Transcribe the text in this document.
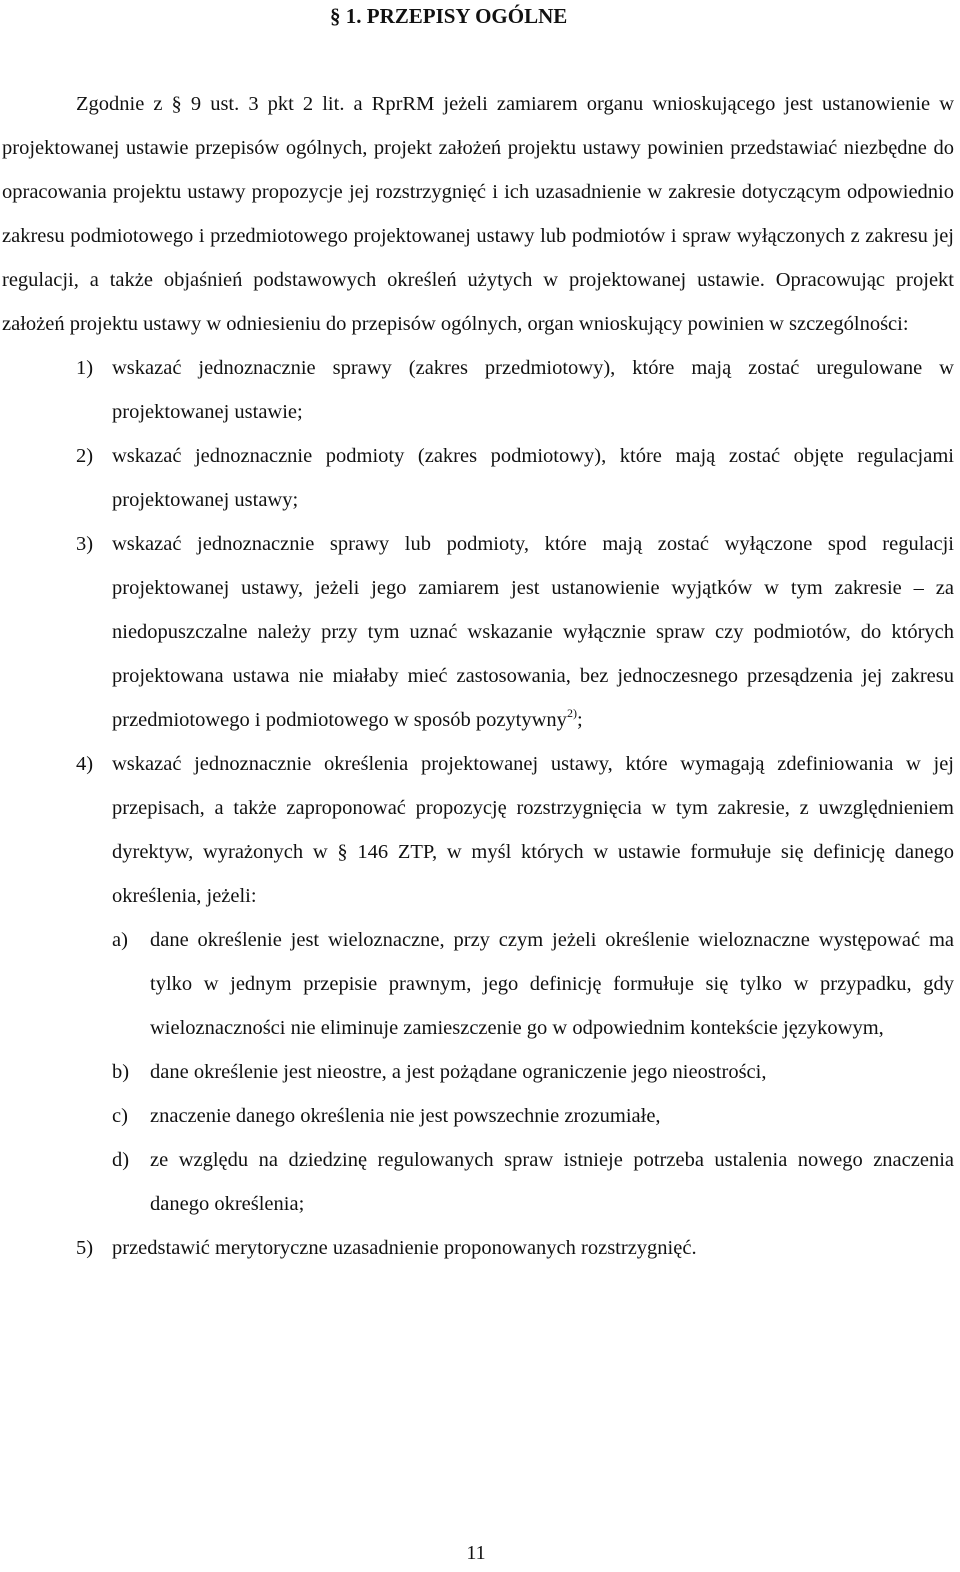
§ 1. PRZEPISY OGÓLNE

Zgodnie z § 9 ust. 3 pkt 2 lit. a RprRM jeżeli zamiarem organu wnioskującego jest ustanowienie w projektowanej ustawie przepisów ogólnych, projekt założeń projektu ustawy powinien przedstawiać niezbędne do opracowania projektu ustawy propozycje jej rozstrzygnięć i ich uzasadnienie w zakresie dotyczącym odpowiednio zakresu podmiotowego i przedmiotowego projektowanej ustawy lub podmiotów i spraw wyłączonych z zakresu jej regulacji, a także objaśnień podstawowych określeń użytych w projektowanej ustawie. Opracowując projekt założeń projektu ustawy w odniesieniu do przepisów ogólnych, organ wnioskujący powinien w szczególności:

1) wskazać jednoznacznie sprawy (zakres przedmiotowy), które mają zostać uregulowane w projektowanej ustawie;
2) wskazać jednoznacznie podmioty (zakres podmiotowy), które mają zostać objęte regulacjami projektowanej ustawy;
3) wskazać jednoznacznie sprawy lub podmioty, które mają zostać wyłączone spod regulacji projektowanej ustawy, jeżeli jego zamiarem jest ustanowienie wyjątków w tym zakresie – za niedopuszczalne należy przy tym uznać wskazanie wyłącznie spraw czy podmiotów, do których projektowana ustawa nie miałaby mieć zastosowania, bez jednoczesnego przesądzenia jej zakresu przedmiotowego i podmiotowego w sposób pozytywny$^{2)}$;
4) wskazać jednoznacznie określenia projektowanej ustawy, które wymagają zdefiniowania w jej przepisach, a także zaproponować propozycję rozstrzygnięcia w tym zakresie, z uwzględnieniem dyrektyw, wyrażonych w § 146 ZTP, w myśl których w ustawie formułuje się definicję danego określenia, jeżeli:
a) dane określenie jest wieloznaczne, przy czym jeżeli określenie wieloznaczne występować ma tylko w jednym przepisie prawnym, jego definicję formułuje się tylko w przypadku, gdy wieloznaczności nie eliminuje zamieszczenie go w odpowiednim kontekście językowym,
b) dane określenie jest nieostre, a jest pożądane ograniczenie jego nieostrości,
c) znaczenie danego określenia nie jest powszechnie zrozumiałe,
d) ze względu na dziedzinę regulowanych spraw istnieje potrzeba ustalenia nowego znaczenia danego określenia;
5) przedstawić merytoryczne uzasadnienie proponowanych rozstrzygnięć.
11
